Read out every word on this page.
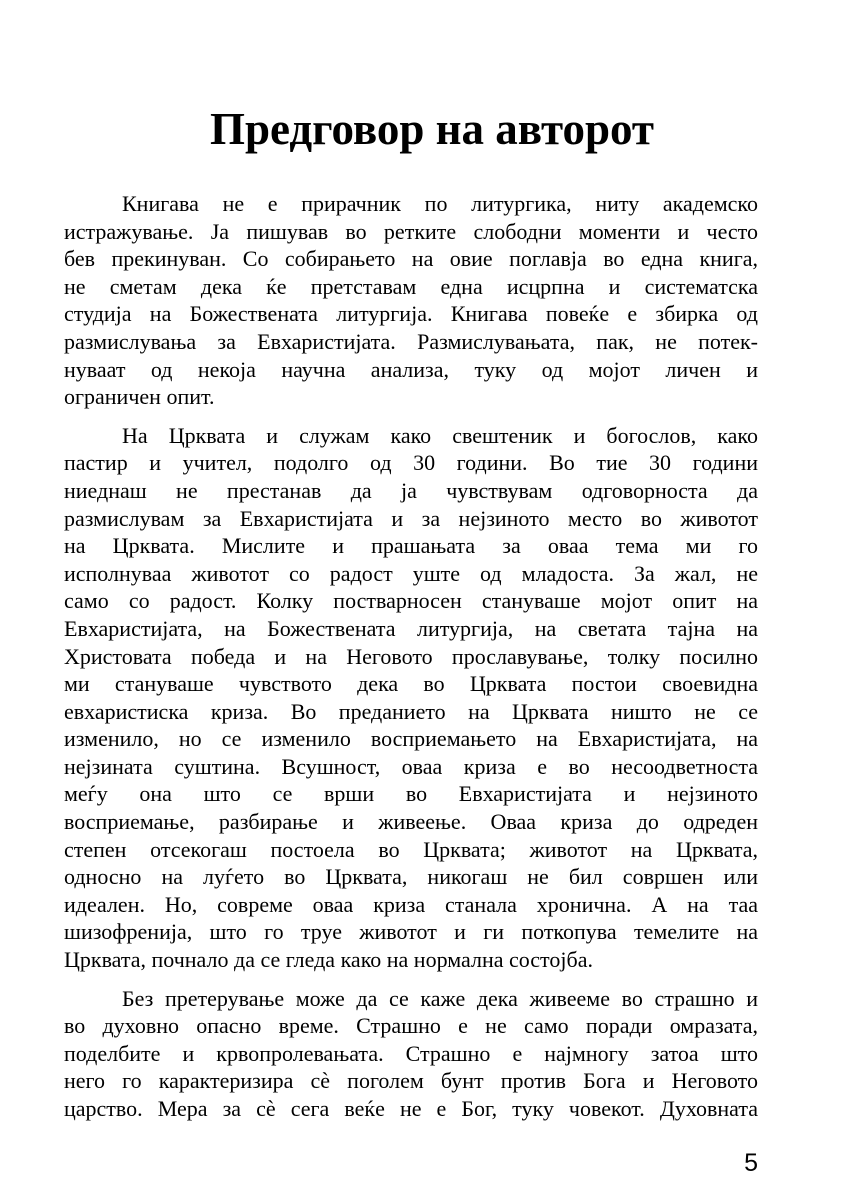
Предговор на авторот
Книгава не е прирачник по литургика, ниту академско
истражување. Ја пишував во ретките слободни моменти и често
бев прекинуван. Со собирањето на овие поглавја во една книга,
не сметам дека ќе претставам една исцрпна и систематска
студија на Божествената литургија. Книгава повеќе е збирка од
размислувања за Евхаристијата. Размислувањата, пак, не потек-
нуваат од некоја научна анализа, туку од мојот личен и
ограничен опит.
На Црквата и служам како свештеник и богослов, како
пастир и учител, подолго од 30 години. Во тие 30 години
ниеднаш не престанав да ја чувствувам одговорноста да
размислувам за Евхаристијата и за нејзиното место во животот
на Црквата. Мислите и прашањата за оваа тема ми го
исполнуваа животот со радост уште од младоста. За жал, не
само со радост. Колку постварносен стануваше мојот опит на
Евхаристијата, на Божествената литургија, на светата тајна на
Христовата победа и на Неговото прославување, толку посилно
ми стануваше чувството дека во Црквата постои своевидна
евхаристиска криза. Во преданието на Црквата ништо не се
изменило, но се изменило восприемањето на Евхаристијата, на
нејзината суштина. Всушност, оваа криза е во несоодветноста
меѓу она што се врши во Евхаристијата и нејзиното
восприемање, разбирање и живеење. Оваа криза до одреден
степен отсекогаш постоела во Црквата; животот на Црквата,
односно на луѓето во Црквата, никогаш не бил совршен или
идеален. Но, совреме оваа криза станала хронична. А на таа
шизофренија, што го труе животот и ги поткопува темелите на
Црквата, почнало да се гледа како на нормална состојба.
Без претерување може да се каже дека живееме во страшно и
во духовно опасно време. Страшно е не само поради омразата,
поделбите и крвопролевањата. Страшно е најмногу затоа што
него го карактеризира сѐ поголем бунт против Бога и Неговото
царство. Мера за сѐ сега веќе не е Бог, туку човекот. Духовната
5
